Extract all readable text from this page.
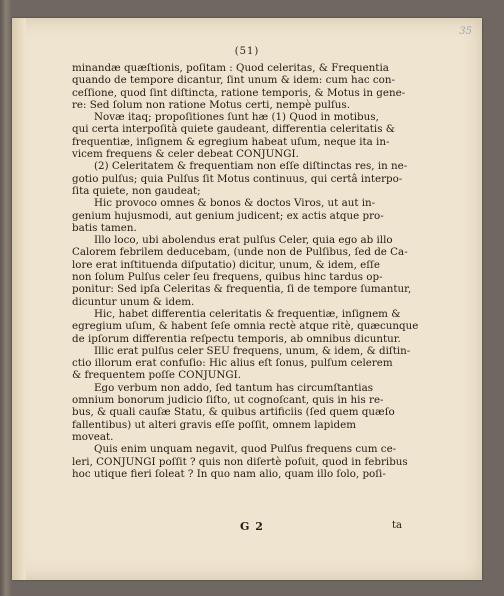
35
(51)
minandæ quæſtionis, poſitam : Quod celeritas, & Frequentia
quando de tempore dicantur, ſint unum & idem: cum hac con-
ceſſione, quod ſint diſtincta, ratione temporis, & Motus in gene-
re: Sed ſolum non ratione Motus certi, nempè pulſus.
Novæ itaq; propoſitiones ſunt hæ (1) Quod in motibus,
qui certa interpoſità quiete gaudeant, differentia celeritatis &
frequentiæ, inſignem & egregium habeat uſum, neque ita in-
vicem frequens & celer debeat CONJUNGI.
(2) Celeritatem & frequentiam non eſſe diſtinctas res, in ne-
gotio pulſus; quia Pulſus ſit Motus continuus, qui certâ interpo-
ſita quiete, non gaudeat;
Hic provoco omnes & bonos & doctos Viros, ut aut in-
genium hujusmodi, aut genium judicent; ex actis atque pro-
batis tamen.
Illo loco, ubi abolendus erat pulſus Celer, quia ego ab illo
Calorem febrilem deducebam, (unde non de Pulſibus, ſed de Ca-
lore erat inſtituenda diſputatio) dicitur, unum, & idem, eſſe
non ſolum Pulſus celer ſeu frequens, quibus hinc tardus op-
ponitur: Sed ipſa Celeritas & frequentia, ſi de tempore ſumantur,
dicuntur unum & idem.
Hic, habet differentia celeritatis & frequentiæ, inſignem &
egregium uſum, & habent ſeſe omnia rectè atque ritè, quæcunque
de ipſorum differentia reſpectu temporis, ab omnibus dicuntur.
Illic erat pulſus celer SEU frequens, unum, & idem, & diſtin-
ctio illorum erat confuſio: Hic alius eſt ſonus, pulſum celerem
& frequentem poſſe CONJUNGI.
Ego verbum non addo, ſed tantum has circumſtantias
omnium bonorum judicio ſiſto, ut cognoſcant, quis in his re-
bus, & quali cauſæ Statu, & quibus artificiis (ſed quem quæſo
fallentibus) ut alteri gravis eſſe poſſit, omnem lapidem
moveat.
Quis enim unquam negavit, quod Pulſus frequens cum ce-
leri, CONJUNGI poſſit ? quis non diſertè poſuit, quod in febribus
hoc utique fieri ſoleat ? In quo nam alio, quam illo ſolo, poſi-
G 2	ta
